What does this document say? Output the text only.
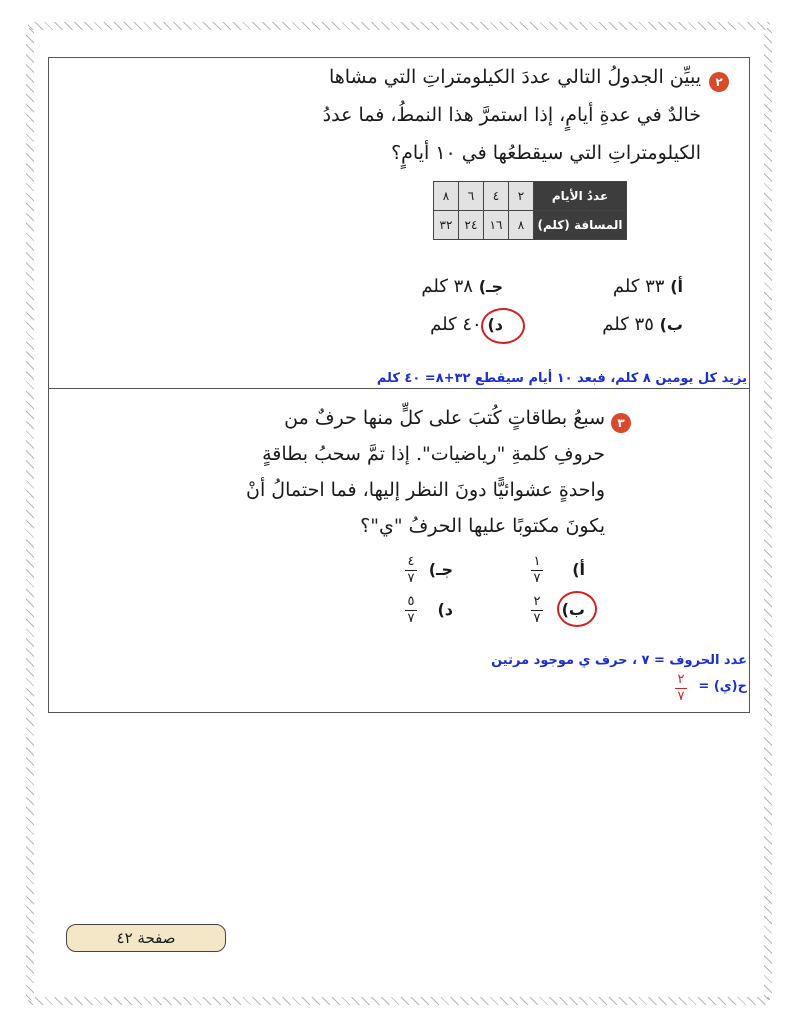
٢
يبيِّن الجدولُ التالي عددَ الكيلومتراتِ التي مشاها
خالدٌ في عدةِ أيامٍ، إذا استمرَّ هذا النمطُ، فما عددُ
الكيلومتراتِ التي سيقطعُها في ١٠ أيامٍ؟
عددُ الأيام	٢	٤	٦	٨
المسافة (كلم)	٨	١٦	٢٤	٣٢
أ) ٣٣ كلم
جـ) ٣٨ كلم
ب) ٣٥ كلم
د) ٤٠ كلم
يزيد كل يومين ٨ كلم، فبعد ١٠ أيام سيقطع ٣٢+٨= ٤٠ كلم
٣
سبعُ بطاقاتٍ كُتبَ على كلٍّ منها حرفٌ من
حروفِ كلمةِ "رياضيات". إذا تمَّ سحبُ بطاقةٍ
واحدةٍ عشوائيًّا دونَ النظر إليها، فما احتمالُ أنْ
يكونَ مكتوبًا عليها الحرفُ "ي"؟
أ)
١
٧
جـ)
٤
٧
ب)
٢
٧
د)
٥
٧
عدد الحروف = ٧ ، حرف ي موجود مرتين
ح(ي) =
٢
٧
صفحة ٤٢
